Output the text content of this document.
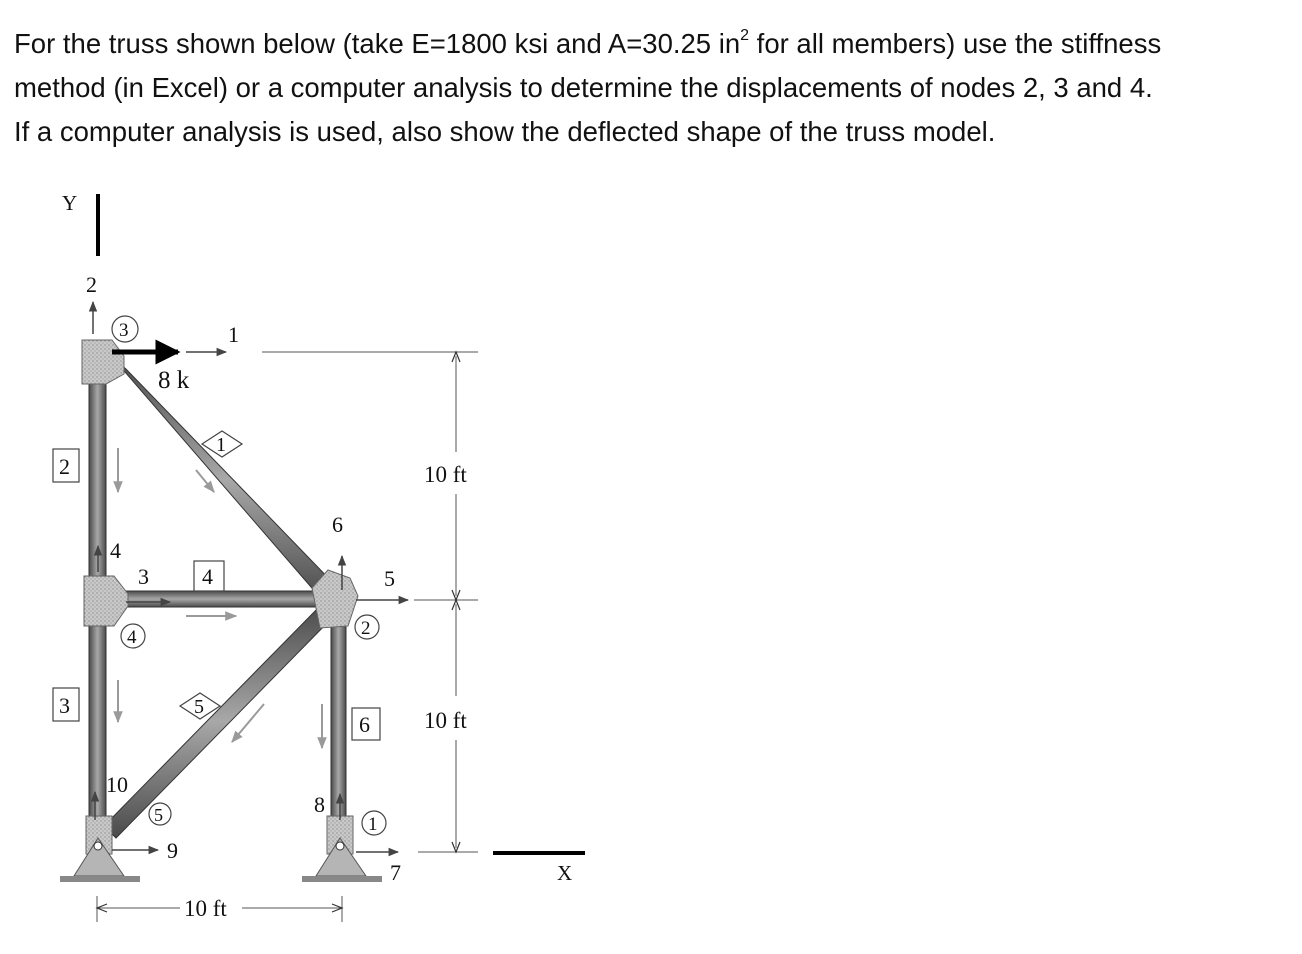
For the truss shown below (take E=1800 ksi and A=30.25 $in^2$ for all members) use the stiffness

method (in Excel) or a computer analysis to determine the displacements of nodes 2, 3 and 4.

If a computer analysis is used, also show the deflected shape of the truss model.

Y
X
8 k
1
2
3
4
5
6
1
2
3
4
5
1
2
3
4
5
6
7
8
9
10
10 ft
10 ft
10 ft
